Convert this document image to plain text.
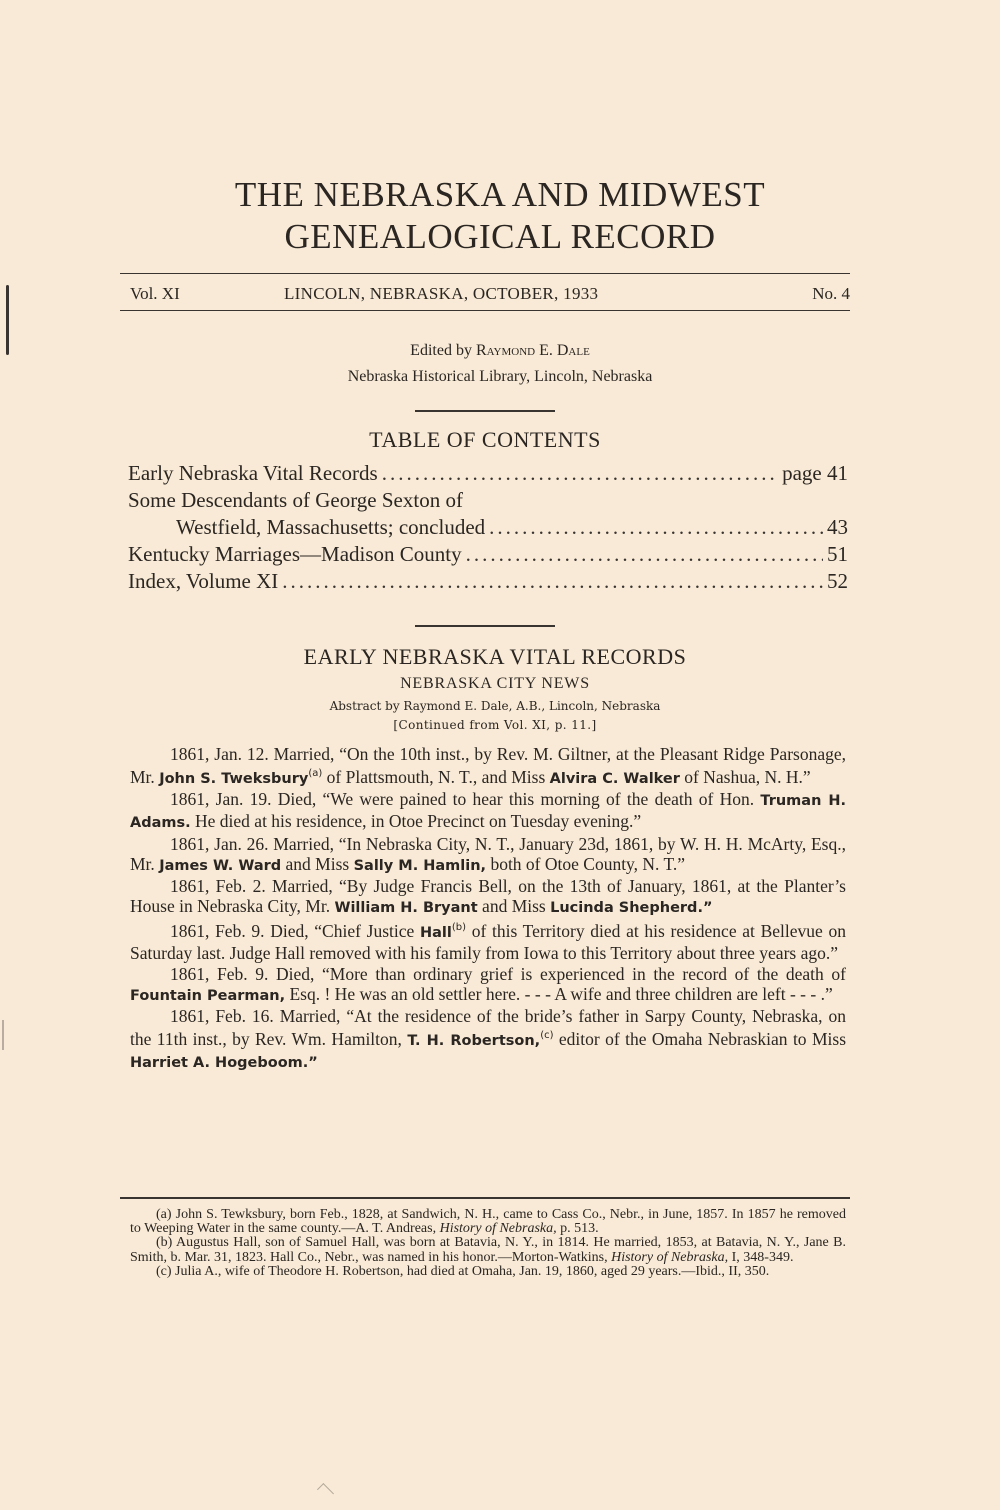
THE NEBRASKA AND MIDWEST
GENEALOGICAL RECORD
Vol. XI	LINCOLN, NEBRASKA, OCTOBER, 1933	No. 4
Edited by Raymond E. Dale
Nebraska Historical Library, Lincoln, Nebraska
TABLE OF CONTENTS
Early Nebraska Vital Records .....	page 41
Some Descendants of George Sexton of
Westfield, Massachusetts; concluded .....	43
Kentucky Marriages—Madison County .....	51
Index, Volume XI .....	52
EARLY NEBRASKA VITAL RECORDS
NEBRASKA CITY NEWS
Abstract by Raymond E. Dale, A.B., Lincoln, Nebraska
[Continued from Vol. XI, p. 11.]

1861, Jan. 12. Married, “On the 10th inst., by Rev. M. Giltner, at the Pleasant Ridge Parsonage, Mr. John S. Tweksbury$^{(a)}$ of Plattsmouth, N. T., and Miss Alvira C. Walker of Nashua, N. H.”

1861, Jan. 19. Died, “We were pained to hear this morning of the death of Hon. Truman H. Adams. He died at his residence, in Otoe Precinct on Tuesday evening.”

1861, Jan. 26. Married, “In Nebraska City, N. T., January 23d, 1861, by W. H. H. McArty, Esq., Mr. James W. Ward and Miss Sally M. Hamlin, both of Otoe County, N. T.”

1861, Feb. 2. Married, “By Judge Francis Bell, on the 13th of January, 1861, at the Planter’s House in Nebraska City, Mr. William H. Bryant and Miss Lucinda Shepherd.”

1861, Feb. 9. Died, “Chief Justice Hall$^{(b)}$ of this Territory died at his residence at Bellevue on Saturday last. Judge Hall removed with his family from Iowa to this Territory about three years ago.”

1861, Feb. 9. Died, “More than ordinary grief is experienced in the record of the death of Fountain Pearman, Esq. ! He was an old settler here. - - - A wife and three children are left - - - .”

1861, Feb. 16. Married, “At the residence of the bride’s father in Sarpy County, Nebraska, on the 11th inst., by Rev. Wm. Hamilton, T. H. Robertson,$^{(c)}$ editor of the Omaha Nebraskian to Miss Harriet A. Hogeboom.”

(a) John S. Tewksbury, born Feb., 1828, at Sandwich, N. H., came to Cass Co., Nebr., in June, 1857. In 1857 he removed to Weeping Water in the same county.—A. T. Andreas, History of Nebraska, p. 513.

(b) Augustus Hall, son of Samuel Hall, was born at Batavia, N. Y., in 1814. He married, 1853, at Batavia, N. Y., Jane B. Smith, b. Mar. 31, 1823. Hall Co., Nebr., was named in his honor.—Morton-Watkins, History of Nebraska, I, 348-349.

(c) Julia A., wife of Theodore H. Robertson, had died at Omaha, Jan. 19, 1860, aged 29 years.—Ibid., II, 350.
